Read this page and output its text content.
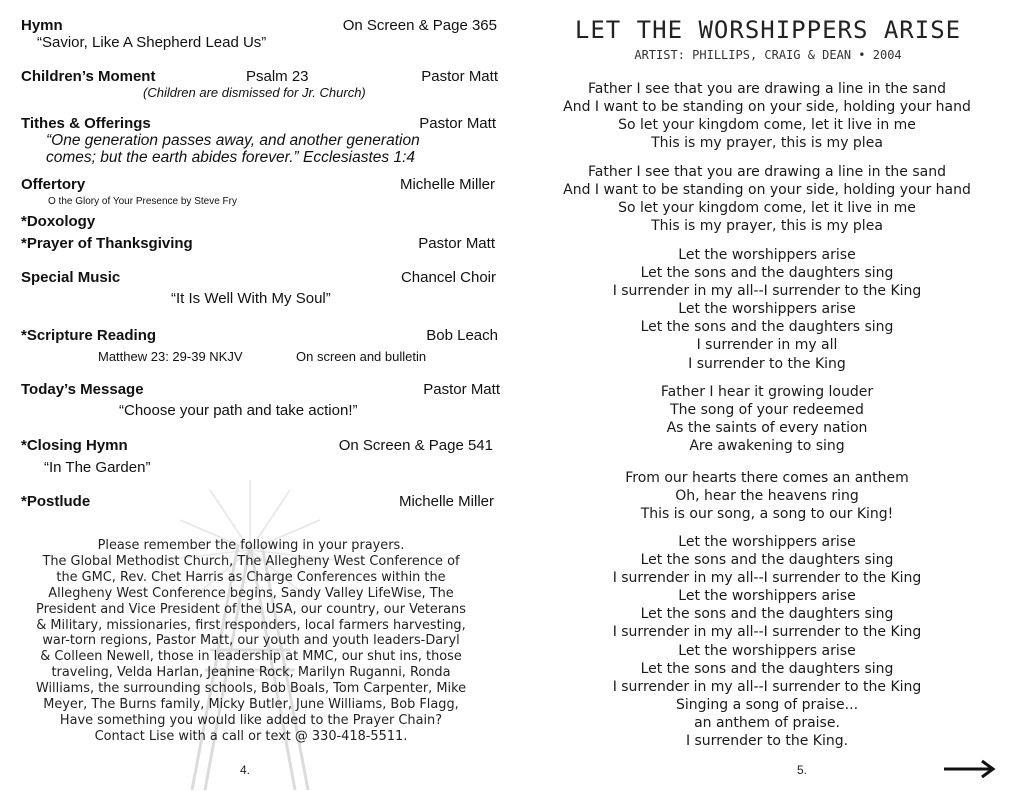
Hymn	On Screen & Page 365
“Savior, Like A Shepherd Lead Us”
Children’s Moment	Psalm 23	Pastor Matt
(Children are dismissed for Jr. Church)
Tithes & Offerings	Pastor Matt
“One generation passes away, and another generation
comes; but the earth abides forever.” Ecclesiastes 1:4
Offertory	Michelle Miller
O the Glory of Your Presence by Steve Fry
*Doxology
*Prayer of Thanksgiving	Pastor Matt
Special Music	Chancel Choir
“It Is Well With My Soul”
*Scripture Reading	Bob Leach
Matthew 23: 29-39 NKJV	On screen and bulletin
Today’s Message	Pastor Matt
“Choose your path and take action!”
*Closing Hymn	On Screen & Page 541
“In The Garden”
*Postlude	Michelle Miller
Please remember the following in your prayers.
The Global Methodist Church, The Allegheny West Conference of
the GMC, Rev. Chet Harris as Charge Conferences within the
Allegheny West Conference begins, Sandy Valley LifeWise, The
President and Vice President of the USA, our country, our Veterans
& Military, missionaries, first responders, local farmers harvesting,
war-torn regions, Pastor Matt, our youth and youth leaders-Daryl
& Colleen Newell, those in leadership at MMC, our shut ins, those
traveling, Velda Harlan, Jeanine Rock, Marilyn Ruganni, Ronda
Williams, the surrounding schools, Bob Boals, Tom Carpenter, Mike
Meyer, The Burns family, Micky Butler, June Williams, Bob Flagg,
Have something you would like added to the Prayer Chain?
Contact Lise with a call or text @ 330-418-5511.
4.
LET THE WORSHIPPERS ARISE
ARTIST: PHILLIPS, CRAIG & DEAN • 2004
Father I see that you are drawing a line in the sand
And I want to be standing on your side, holding your hand
So let your kingdom come, let it live in me
This is my prayer, this is my plea
Father I see that you are drawing a line in the sand
And I want to be standing on your side, holding your hand
So let your kingdom come, let it live in me
This is my prayer, this is my plea
Let the worshippers arise
Let the sons and the daughters sing
I surrender in my all--I surrender to the King
Let the worshippers arise
Let the sons and the daughters sing
I surrender in my all
I surrender to the King
Father I hear it growing louder
The song of your redeemed
As the saints of every nation
Are awakening to sing
From our hearts there comes an anthem
Oh, hear the heavens ring
This is our song, a song to our King!
Let the worshippers arise
Let the sons and the daughters sing
I surrender in my all--I surrender to the King
Let the worshippers arise
Let the sons and the daughters sing
I surrender in my all--I surrender to the King
Let the worshippers arise
Let the sons and the daughters sing
I surrender in my all--I surrender to the King
Singing a song of praise...
an anthem of praise.
I surrender to the King.
5.
